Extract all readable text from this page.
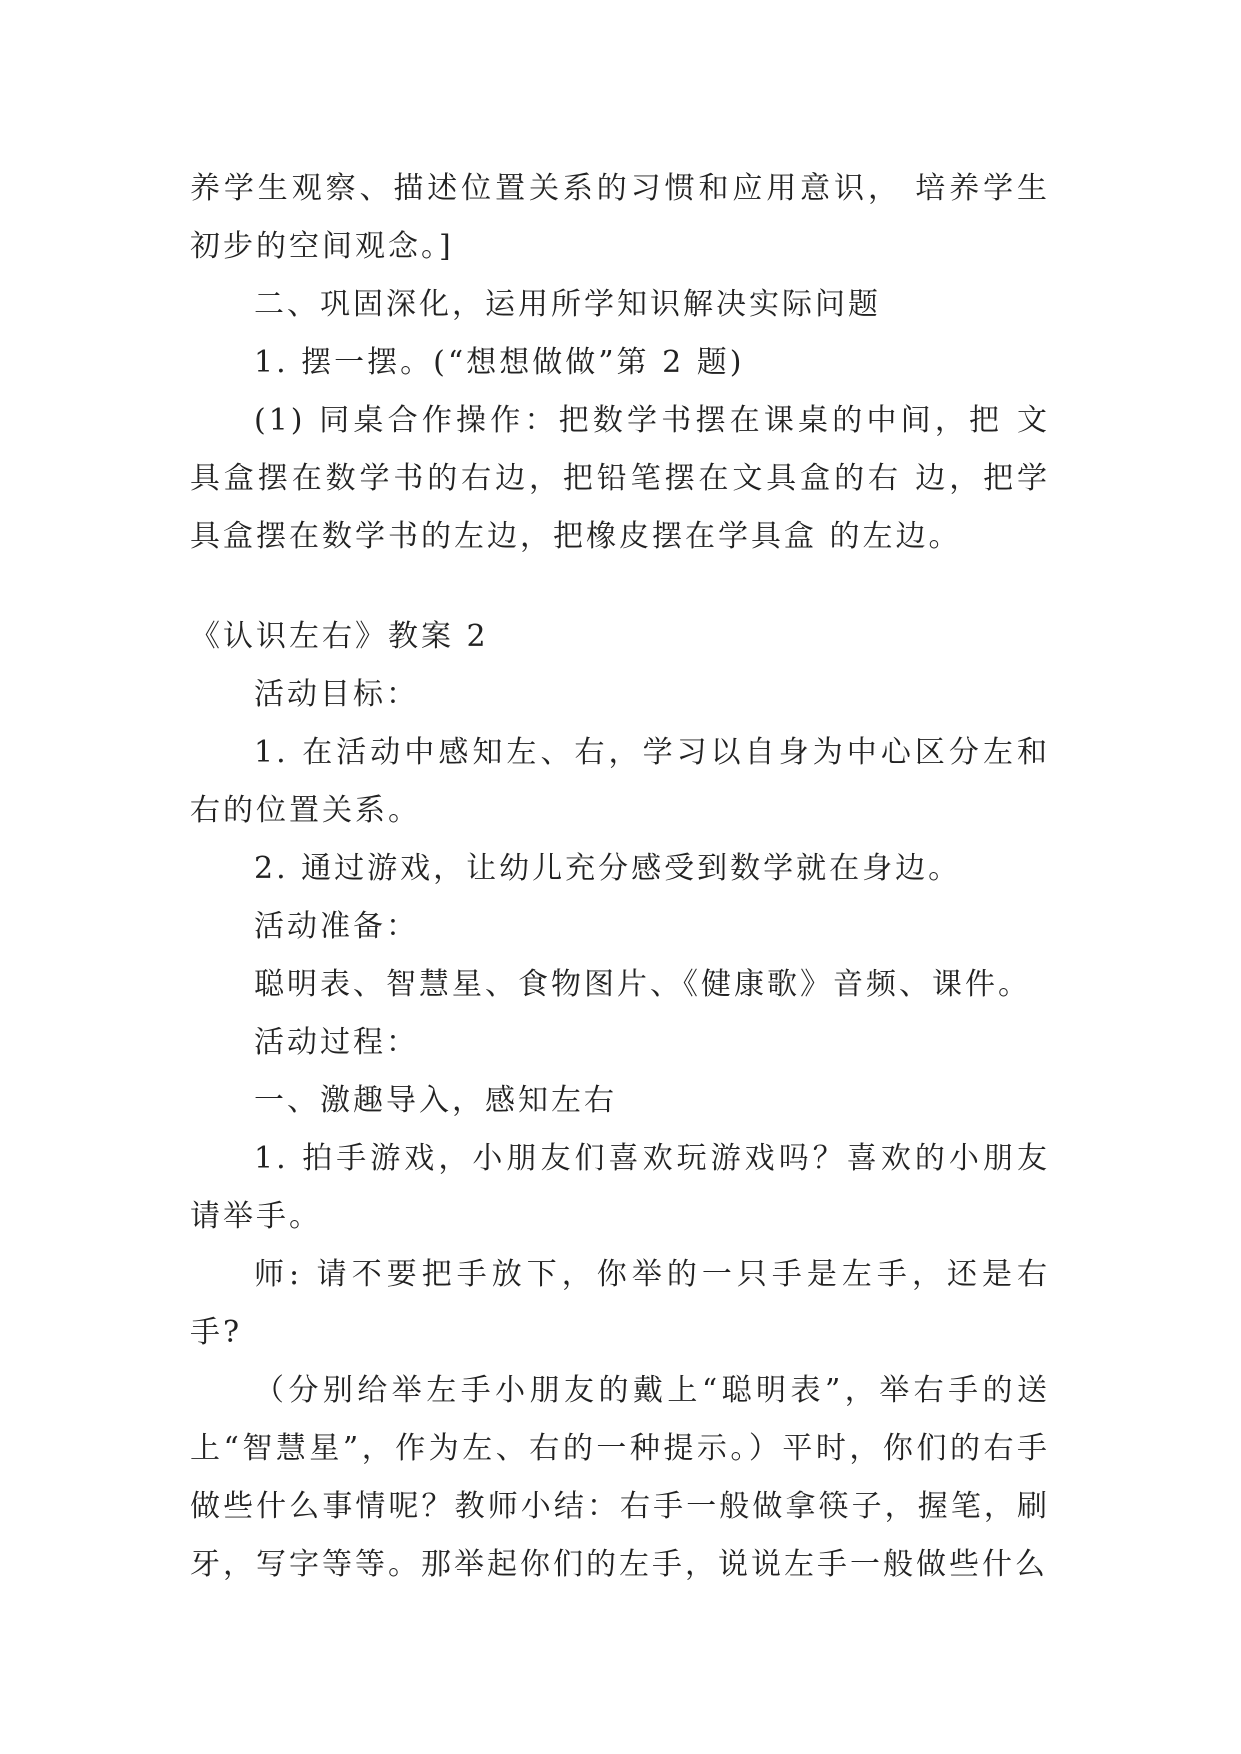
养学生观察、描述位置关系的习惯和应用意识， 培养学生初步的空间观念。]

二、巩固深化，运用所学知识解决实际问题

1. 摆一摆。(“想想做做”第 2 题)

(1) 同桌合作操作：把数学书摆在课桌的中间，把 文具盒摆在数学书的右边，把铅笔摆在文具盒的右 边，把学具盒摆在数学书的左边，把橡皮摆在学具盒 的左边。

《认识左右》教案 2

活动目标：

1. 在活动中感知左、右，学习以自身为中心区分左和右的位置关系。

2. 通过游戏，让幼儿充分感受到数学就在身边。

活动准备：

聪明表、智慧星、食物图片、《健康歌》音频、课件。

活动过程：

一、激趣导入，感知左右

1. 拍手游戏，小朋友们喜欢玩游戏吗？喜欢的小朋友请举手。

师: 请不要把手放下，你举的一只手是左手，还是右手?

（分别给举左手小朋友的戴上“聪明表”，举右手的送上“智慧星”，作为左、右的一种提示。）平时，你们的右手做些什么事情呢？教师小结：右手一般做拿筷子，握笔，刷牙，写字等等。那举起你们的左手，说说左手一般做些什么
